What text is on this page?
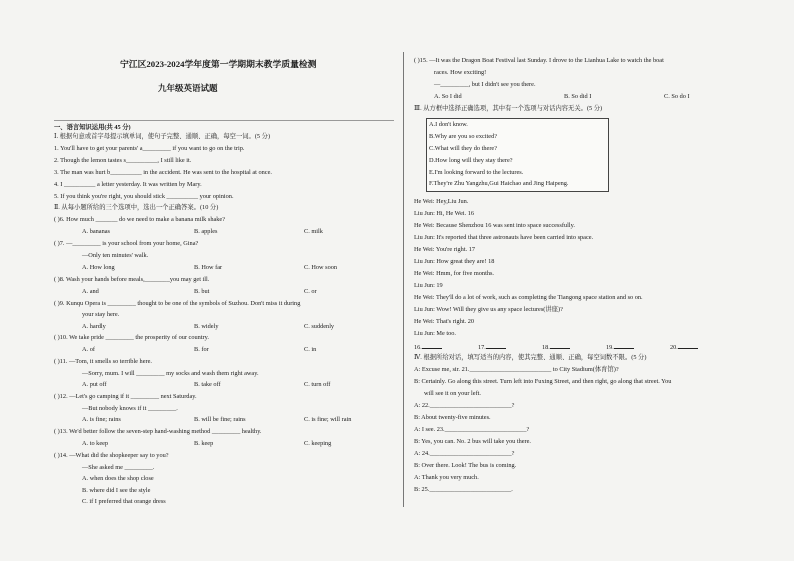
宁江区2023-2024学年度第一学期期末教学质量检测
九年级英语试题
一、语言知识运用(共 45 分)
Ⅰ. 根据句意或首字母提示填单词，使句子完整、通顺、正确，每空一词。(5 分)
1. You'll have to get your parents' a_________ if you want to go on the trip.
2. Though the lemon tastes s__________, I still like it.
3. The man was hurt b__________ in the accident. He was sent to the hospital at once.
4. I __________ a letter yesterday. It was written by Mary.
5. If you think you're right, you should stick __________ your opinion.
Ⅱ. 从每小题所给的三个选项中，选出一个正确答案。(10 分)
( )6. How much _______ do we need to make a banana milk shake?
A. bananas	B. apples	C. milk
( )7. —_________ is your school from your home, Gina?
—Only ten minutes' walk.
A. How long	B. How far	C. How soon
( )8. Wash your hands before meals,________you may get ill.
A. and	B. but	C. or
( )9. Kunqu Opera is _________ thought to be one of the symbols of Suzhou. Don't miss it during
your stay here.
A. hardly	B. widely	C. suddenly
( )10. We take pride _________ the prosperity of our country.
A. of	B. for	C. in
( )11. —Tom, it smells so terrible here.
—Sorry, mum. I will _________ my socks and wash them right away.
A. put off	B. take off	C. turn off
( )12. —Let's go camping if it _________ next Saturday.
—But nobody knows if it _________.
A. is fine; rains	B. will be fine; rains	C. is fine; will rain
( )13. We'd better follow the seven-step hand-washing method _________ healthy.
A. to keep	B. keep	C. keeping
( )14. —What did the shopkeeper say to you?
—She asked me _________.
A. when does the shop close
B. where did I see the style
C. if I preferred that orange dress
( )15. —It was the Dragon Boat Festival last Sunday. I drove to the Lianhua Lake to watch the boat
races. How exciting!
—_________, but I didn't see you there.
A. So I did	B. So did I	C. So do I
Ⅲ. 从方框中选择正确选项，其中有一个选项与对话内容无关。(5 分)
A.I don't know.
B.Why are you so excited?
C.What will they do there?
D.How long will they stay there?
E.I'm looking forward to the lectures.
F.They're Zhu Yangzhu,Gui Haichao and Jing Haipeng.
He Wei: Hey,Liu Jun.
Liu Jun: Hi, He Wei. 16
He Wei: Because Shenzhou 16 was sent into space successfully.
Liu Jun: It's reported that three astronauts have been carried into space.
He Wei: You're right. 17
Liu Jun: How great they are! 18
He Wei: Hmm, for five months.
Liu Jun: 19
He Wei: They'll do a lot of work, such as completing the Tiangong space station and so on.
Liu Jun: Wow! Will they give us any space lectures(讲座)?
He Wei: That's right. 20
Liu Jun: Me too.
16.	17.	18.	19.	20.
Ⅳ. 根据所给对话，填写适当的内容，使其完整、通顺、正确，每空词数不限。(5 分)
A: Excuse me, sir. 21.__________________________ to City Stadium(体育馆)?
B: Certainly. Go along this street. Turn left into Fuxing Street, and then right, go along that street. You
will see it on your left.
A: 22.__________________________?
B: About twenty-five minutes.
A: I see. 23.__________________________?
B: Yes, you can. No. 2 bus will take you there.
A: 24.__________________________?
B: Over there. Look! The bus is coming.
A: Thank you very much.
B: 25.__________________________.
